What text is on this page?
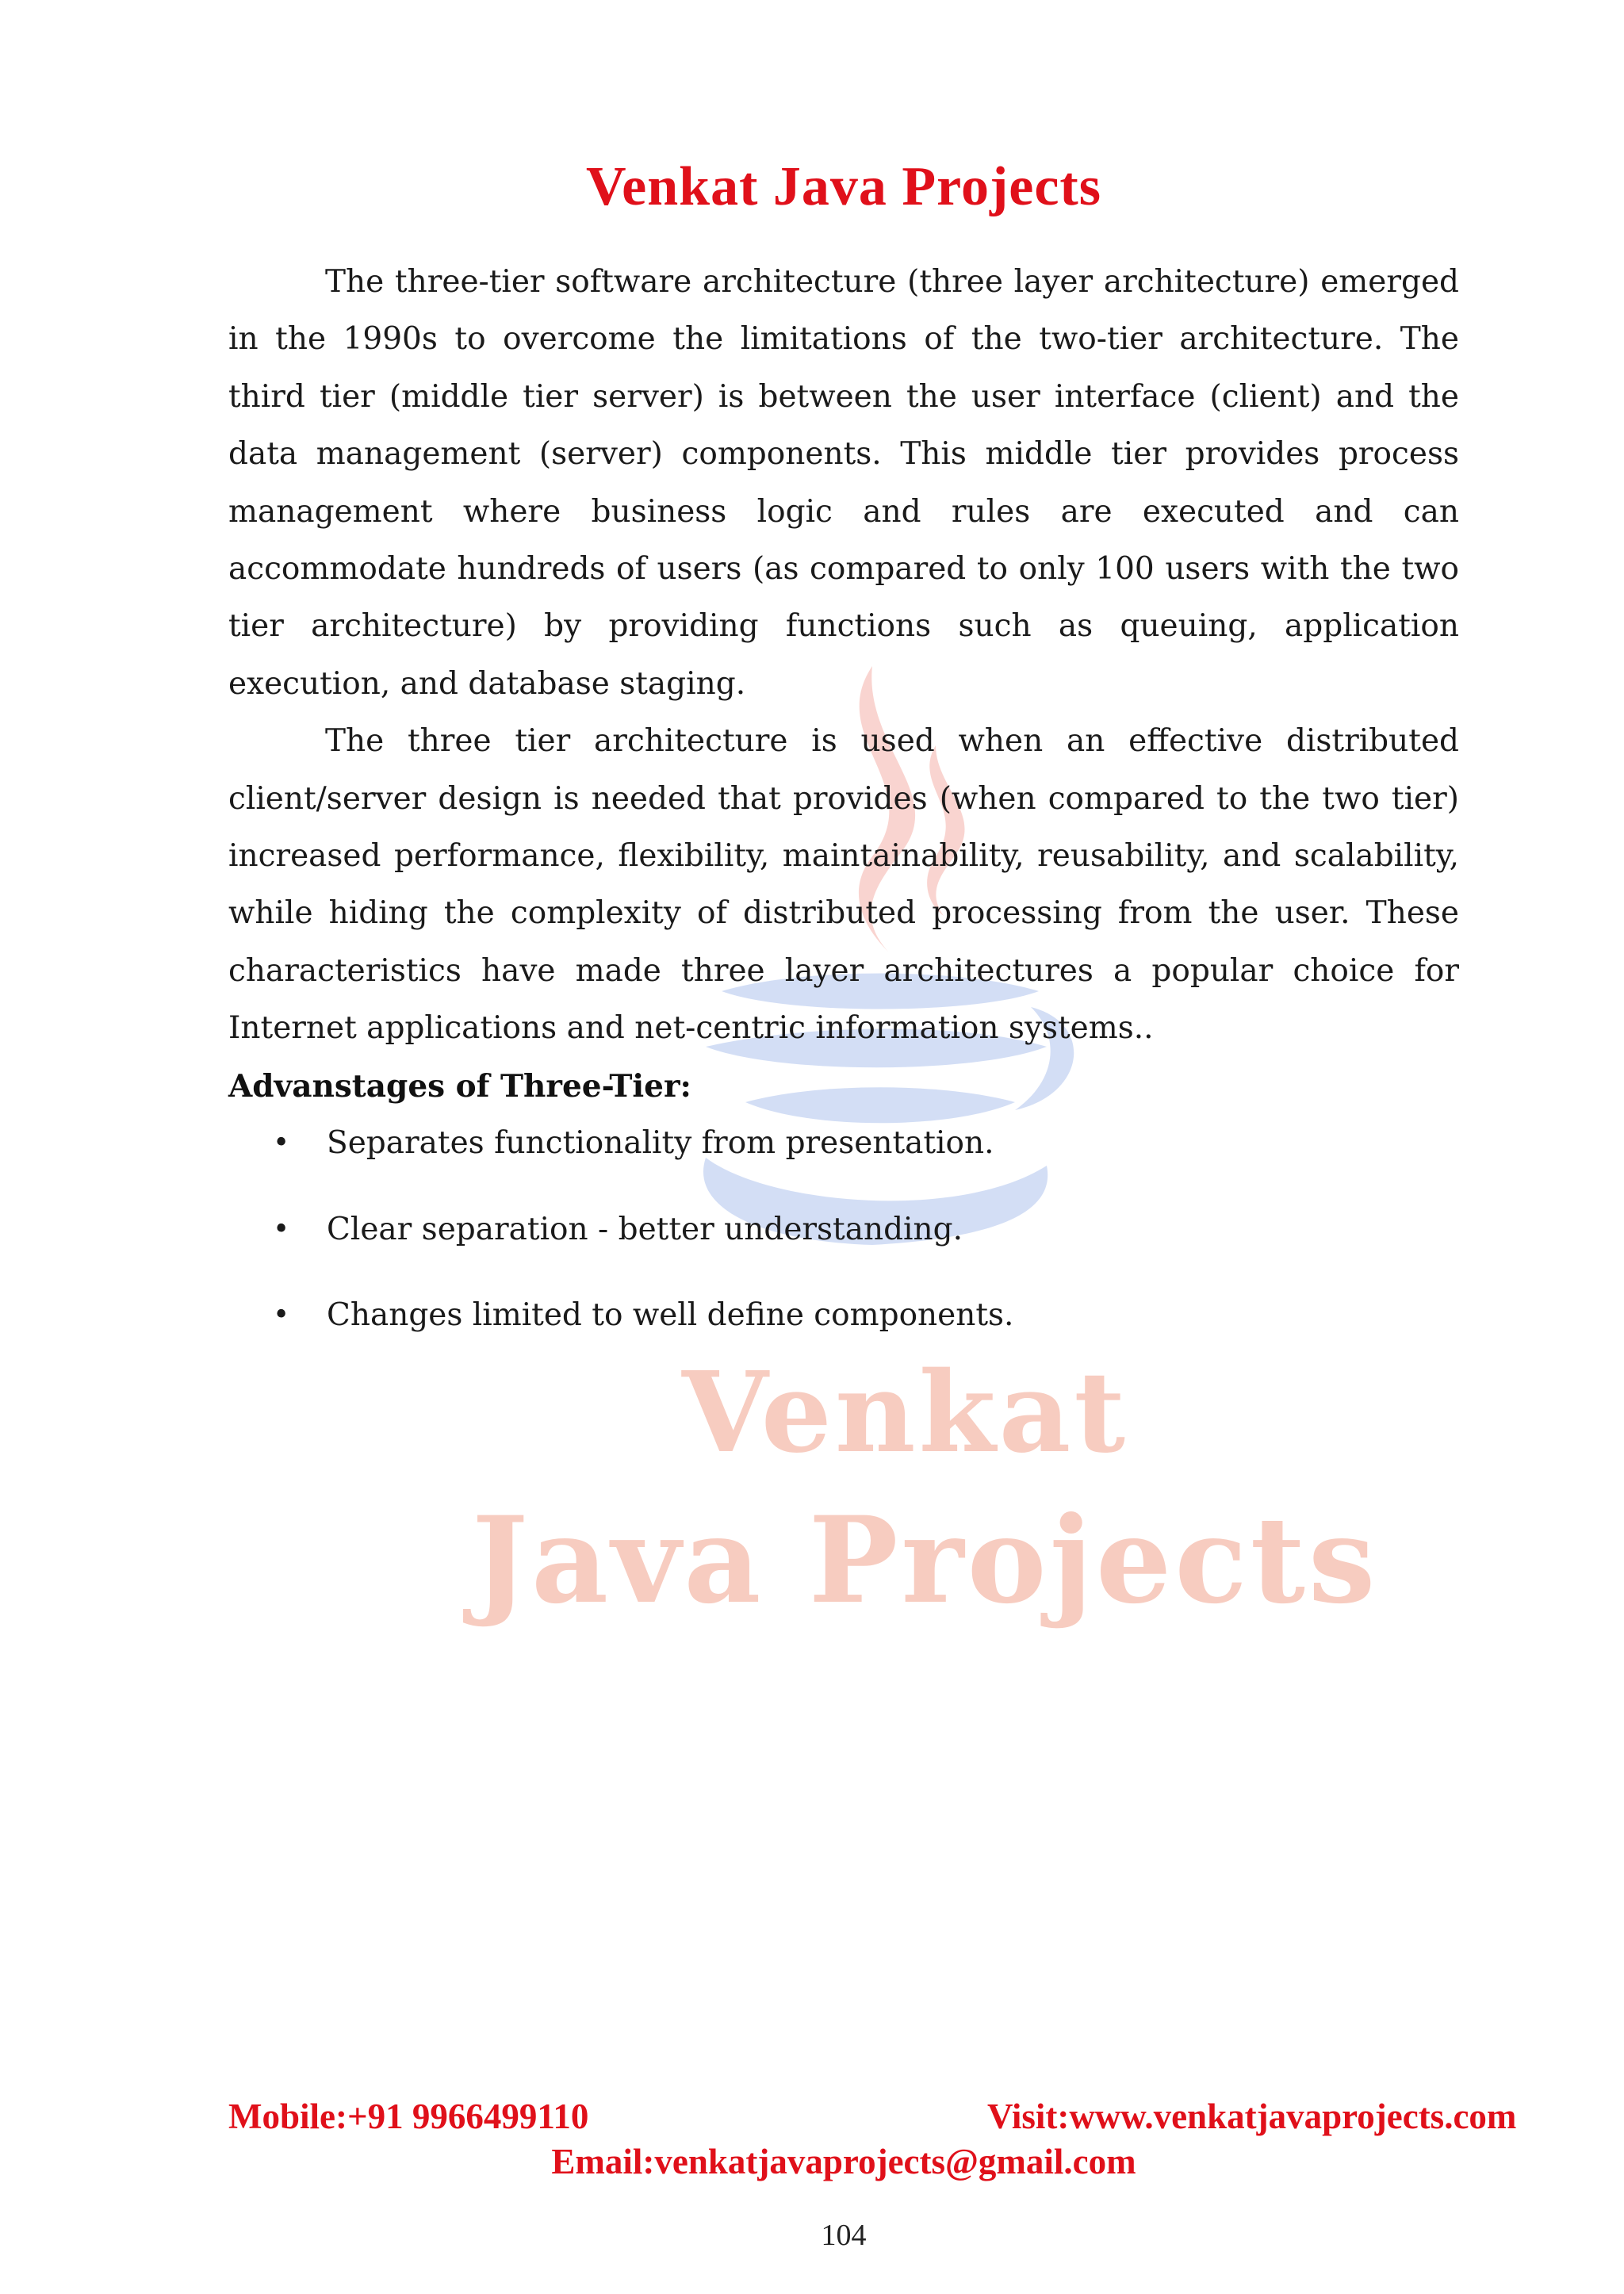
Venkat
Java Projects
Venkat Java Projects

The three-tier software architecture (three layer architecture) emerged in the 1990s to overcome the limitations of the two-tier architecture. The third tier (middle tier server) is between the user interface (client) and the data management (server) components. This middle tier provides process management where business logic and rules are executed and can accommodate hundreds of users (as compared to only 100 users with the two tier architecture) by providing functions such as queuing, application execution, and database staging.

The three tier architecture is used when an effective distributed client/server design is needed that provides (when compared to the two tier) increased performance, flexibility, maintainability, reusability, and scalability, while hiding the complexity of distributed processing from the user. These characteristics have made three layer architectures a popular choice for Internet applications and net-centric information systems..

Advanstages of Three-Tier:

• Separates functionality from presentation.
• Clear separation - better understanding.
• Changes limited to well define components.
Mobile:+91 9966499110	Visit:www.venkatjavaprojects.com
Email:venkatjavaprojects@gmail.com
104
